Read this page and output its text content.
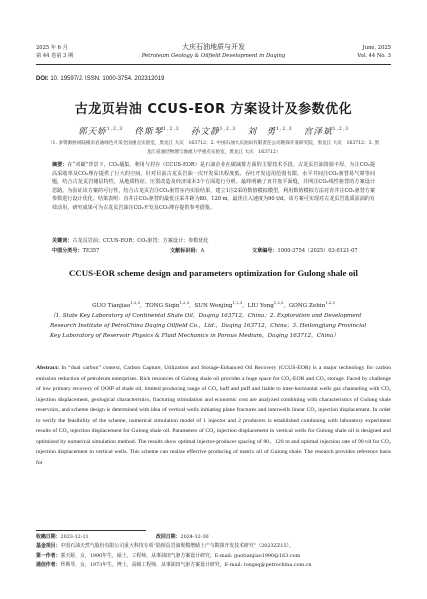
2025 年 6 月
第 44 卷第 3 期
大庆石油地质与开发
Petroleum Geology & Oilfield Development in Daqing
June, 2025
Vol. 44 No. 3
DOI: 10. 19597/J. ISSN. 1000-3754. 202312019
古龙页岩油 CCUS-EOR 方案设计及参数优化
郭天娇$^{1,2,3}$ 佟斯琴$^{1,2,3}$ 孙文静$^{1,2,3}$ 刘　勇$^{1,2,3}$ 宫泽斌$^{1,2,3}$
（1. 多资源协同陆相页岩油绿色开采全国重点实验室，黑龙江 大庆　163712；2. 中国石油大庆油田有限责任公司勘探开发研究院，黑龙江 大庆　163712；3. 黑龙江省油层物理与渗流力学重点实验室，黑龙江 大庆　163712）
摘要：在“双碳”背景下，CO₂捕集、利用与封存（CCUS-EOR）是石油企业在碳减排方面的主要技术手段。古龙页岩油资源丰厚，为注CO₂提高采收率及CO₂埋存提供了巨大的空间。针对目前古龙页岩油一次开发采出程度低、吞吐开发适用范围有限、水平井间注CO₂驱替易气窜等问题，结合古龙页岩储层特性，从地质特征、压裂改造及经济成本3个方面进行分析。最终明确了直井盘平面缝，并网注CO₂线性驱替的方案设计思路。为验证该方案的可行性，结合古龙页岩注CO₂驱替室内实验结果，建立1注2采的数值模拟模型，利用数值模拟方法对直井注CO₂驱替方案参数进行设计优化。结果表明：直井注CO₂驱替的最优注采井距为80、120 m，最优注入速度为90 t/d。该方案可实现对古龙页岩基质原油的有效动用，研究成果可为古龙页岩油注CO₂开发及CO₂埋存提供参考借鉴。
关键词：古龙页岩油；CCUS-EOR；CO₂驱替；方案设计；参数优化
中图分类号：TE357	文献标识码：A	文章编号：1000-3754（2025）03-0121-07
CCUS-EOR scheme design and parameters optimization for Gulong shale oil
GUO Tianjiao$^{1,2,3}$,  TONG Siqin$^{1,2,3}$,  SUN Wenjing$^{1,2,3}$,  LIU Yong$^{1,2,3}$,  GONG Zebin$^{1,2,3}$
（1. State Key Laboratory of Continental Shale Oil，Daqing 163712，China；2. Exploration and Development Research Institute of PetroChina Daqing Oilfield Co.，Ltd.，Daqing 163712，China；3. Heilongjiang Provincial Key Laboratory of Reservoir Physics & Fluid Mechanics in Porous Medium，Daqing 163712，China）
Abstract: In “dual carbon” context, Carbon Capture, Utilization and Storage-Enhanced Oil Recovery (CCUS-EOR) is a major technology for carbon emission reduction of petroleum enterprises. Rich resources of Gulong shale oil provides a huge space for CO₂-EOR and CO₂ storage. Faced by challenge of low primary recovery of OOIP of shale oil, limited producing range of CO₂ huff and puff and liable to inter-horizontal wells gas channeling with CO₂ injection displacement, geological characteristics, fracturing stimulation and economic cost are analyzed combining with characteristics of Gulong shale reservoirs, and scheme design is determined with idea of vertical wells initiating plane fractures and interwells linear CO₂ injection displacement. In order to verify the feasibility of the scheme, numerical simulation model of 1 injector and 2 producers is established combining with laboratory experiment results of CO₂ injection displacement for Gulong shale oil. Parameters of CO₂ injection displacement in vertical wells for Gulong shale oil is designed and optimized by numerical simulation method. The results show optimal injector-producer spacing of 80、120 m and optimal injection rate of 90 t/d for CO₂ injection displacement in vertical wells. This scheme can realize effective producing of matrix oil of Gulong shale. The research provides reference basis for
收稿日期：2023-12-11	改回日期：2024-12-30
基金项目：中国石油天然气股份有限公司重大科技专项“陆相页岩油规模增储上产与勘探开发技术研究”（2023ZZ15）。
第一作者：郭天娇，女，1990年生，硕士，工程师，从事油田气驱方案设计研究。E-mail: guotianjiao1990@163.com
通信作者：佟斯琴，女，1973年生，博士，高级工程师，从事油田气驱方案设计研究。E-mail: tongsq@petrochina.com.cn
